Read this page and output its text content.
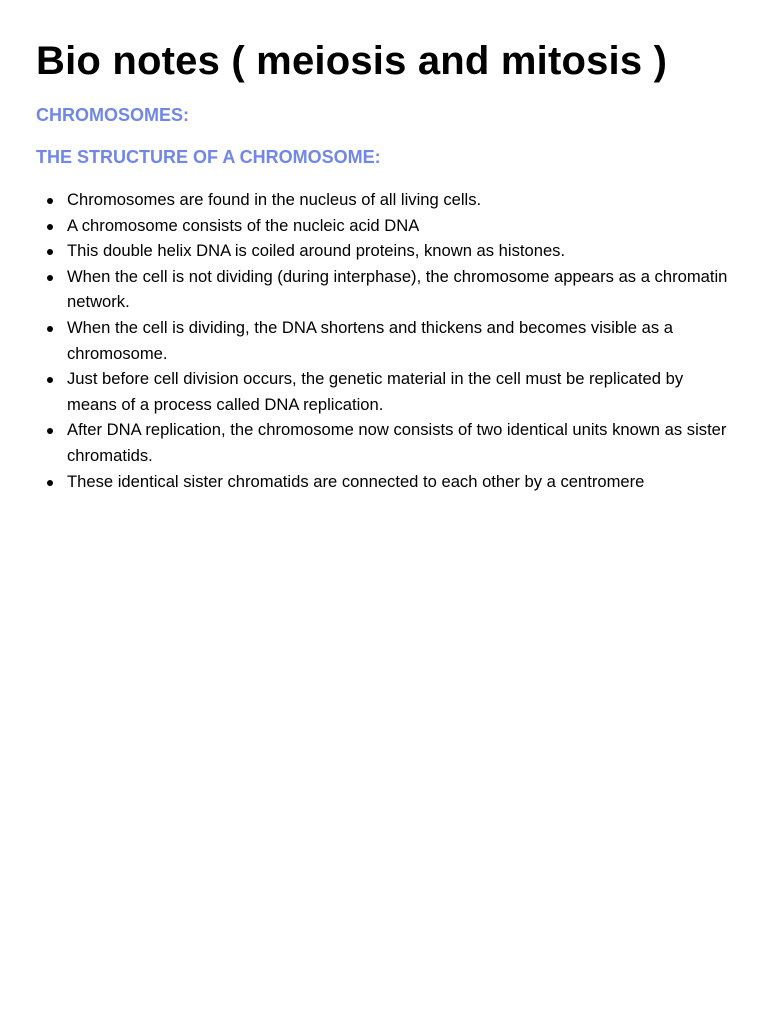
Bio notes ( meiosis and mitosis )
CHROMOSOMES:
THE STRUCTURE OF A CHROMOSOME:
Chromosomes are found in the nucleus of all living cells.
A chromosome consists of the nucleic acid DNA
This double helix DNA is coiled around proteins, known as histones.
When the cell is not dividing (during interphase), the chromosome appears as a chromatin network.
When the cell is dividing, the DNA shortens and thickens and becomes visible as a chromosome.
Just before cell division occurs, the genetic material in the cell must be replicated by means of a process called DNA replication.
After DNA replication, the chromosome now consists of two identical units known as sister chromatids.
These identical sister chromatids are connected to each other by a centromere
